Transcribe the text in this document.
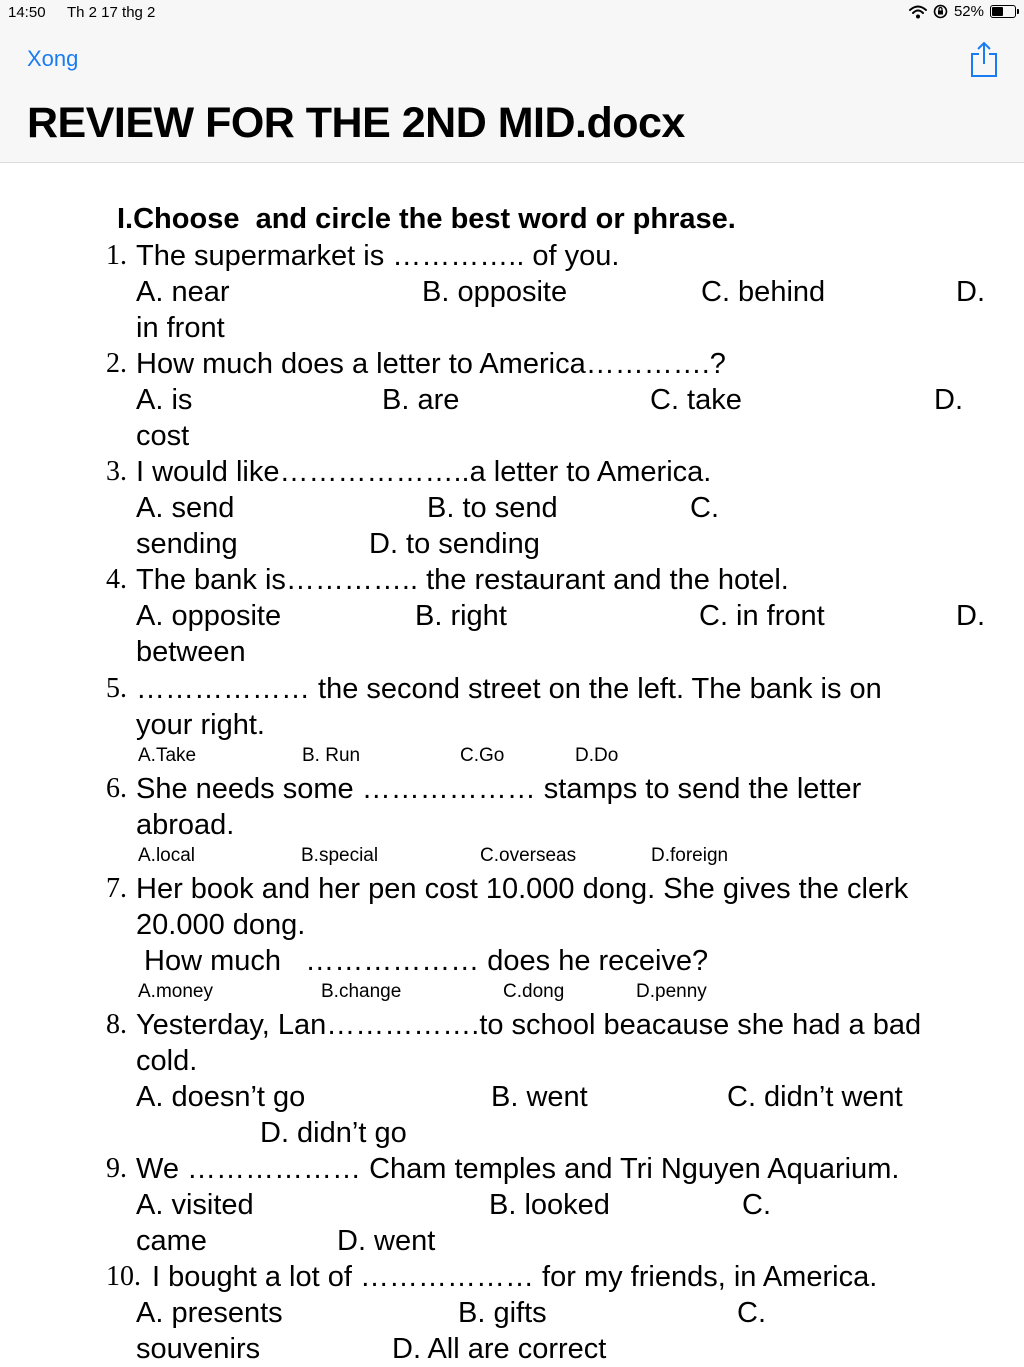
14:50 Th 2 17 thg 2	52%
Xong
REVIEW FOR THE 2ND MID.docx
I.Choose  and circle the best word or phrase.
1. The supermarket is ………….. of you.
A. near	B. opposite	C. behind	D.
in front
2. How much does a letter to America………….?
A. is	B. are	C. take	D.
cost
3. I would like………………..a letter to America.
A. send	B. to send	C.
sending	D. to sending
4. The bank is………….. the restaurant and the hotel.
A. opposite	B. right	C. in front	D.
between
5. ……………… the second street on the left. The bank is on
your right.
A.Take	B. Run	C.Go	D.Do
6. She needs some ……………… stamps to send the letter
abroad.
A.local	B.special	C.overseas	D.foreign
7. Her book and her pen cost 10.000 dong. She gives the clerk
20.000 dong.
How much   ……………… does he receive?
A.money	B.change	C.dong	D.penny
8. Yesterday, Lan…………….to school beacause she had a bad
cold.
A. doesn’t go	B. went	C. didn’t went
D. didn’t go
9. We ……………… Cham temples and Tri Nguyen Aquarium.
A. visited	B. looked	C.
came	D. went
10. I bought a lot of ……………… for my friends, in America.
A. presents	B. gifts	C.
souvenirs	D. All are correct
